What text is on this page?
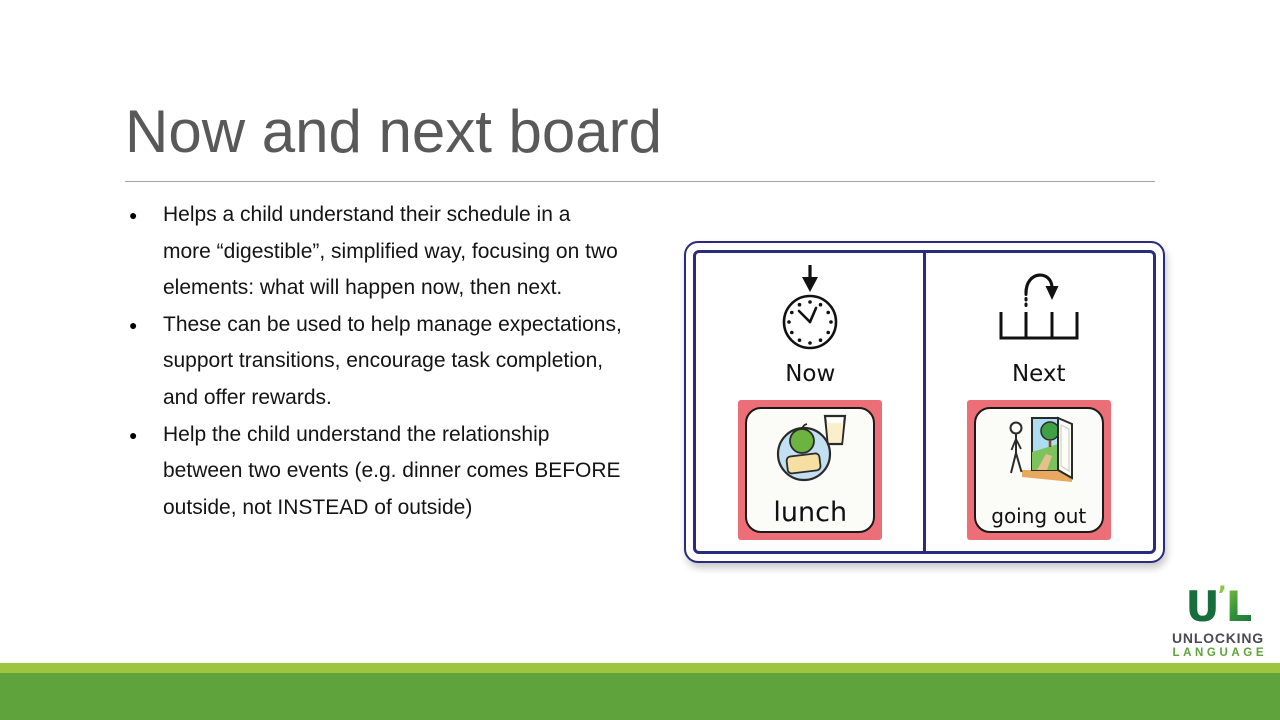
Now and next board
● Helps a child understand their schedule in a more “digestible”, simplified way, focusing on two elements: what will happen now, then next.
● These can be used to help manage expectations, support transitions, encourage task completion, and offer rewards.
● Help the child understand the relationship between two events (e.g. dinner comes BEFORE outside, not INSTEAD of outside)
Now
lunch
Next
going out
U’L
UNLOCKING
LANGUAGE
